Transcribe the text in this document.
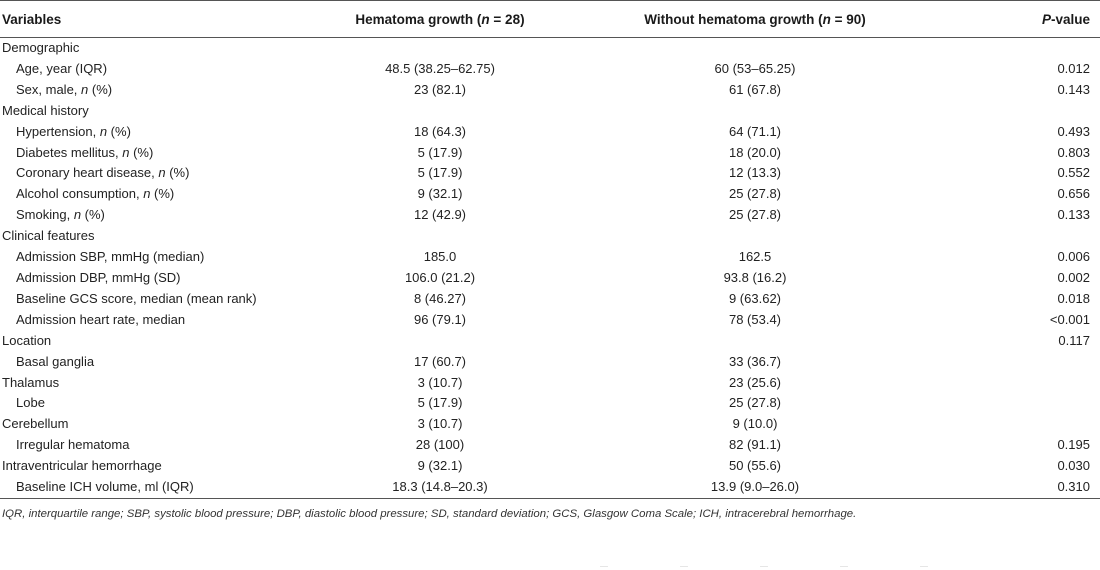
Variables	Hematoma growth (n = 28)	Without hematoma growth (n = 90)	P-value
Demographic			
Age, year (IQR)	48.5 (38.25–62.75)	60 (53–65.25)	0.012
Sex, male, n (%)	23 (82.1)	61 (67.8)	0.143
Medical history			
Hypertension, n (%)	18 (64.3)	64 (71.1)	0.493
Diabetes mellitus, n (%)	5 (17.9)	18 (20.0)	0.803
Coronary heart disease, n (%)	5 (17.9)	12 (13.3)	0.552
Alcohol consumption, n (%)	9 (32.1)	25 (27.8)	0.656
Smoking, n (%)	12 (42.9)	25 (27.8)	0.133
Clinical features			
Admission SBP, mmHg (median)	185.0	162.5	0.006
Admission DBP, mmHg (SD)	106.0 (21.2)	93.8 (16.2)	0.002
Baseline GCS score, median (mean rank)	8 (46.27)	9 (63.62)	0.018
Admission heart rate, median	96 (79.1)	78 (53.4)	<0.001
Location			0.117
Basal ganglia	17 (60.7)	33 (36.7)	
Thalamus	3 (10.7)	23 (25.6)	
Lobe	5 (17.9)	25 (27.8)	
Cerebellum	3 (10.7)	9 (10.0)	
Irregular hematoma	28 (100)	82 (91.1)	0.195
Intraventricular hemorrhage	9 (32.1)	50 (55.6)	0.030
Baseline ICH volume, ml (IQR)	18.3 (14.8–20.3)	13.9 (9.0–26.0)	0.310
IQR, interquartile range; SBP, systolic blood pressure; DBP, diastolic blood pressure; SD, standard deviation; GCS, Glasgow Coma Scale; ICH, intracerebral hemorrhage.
